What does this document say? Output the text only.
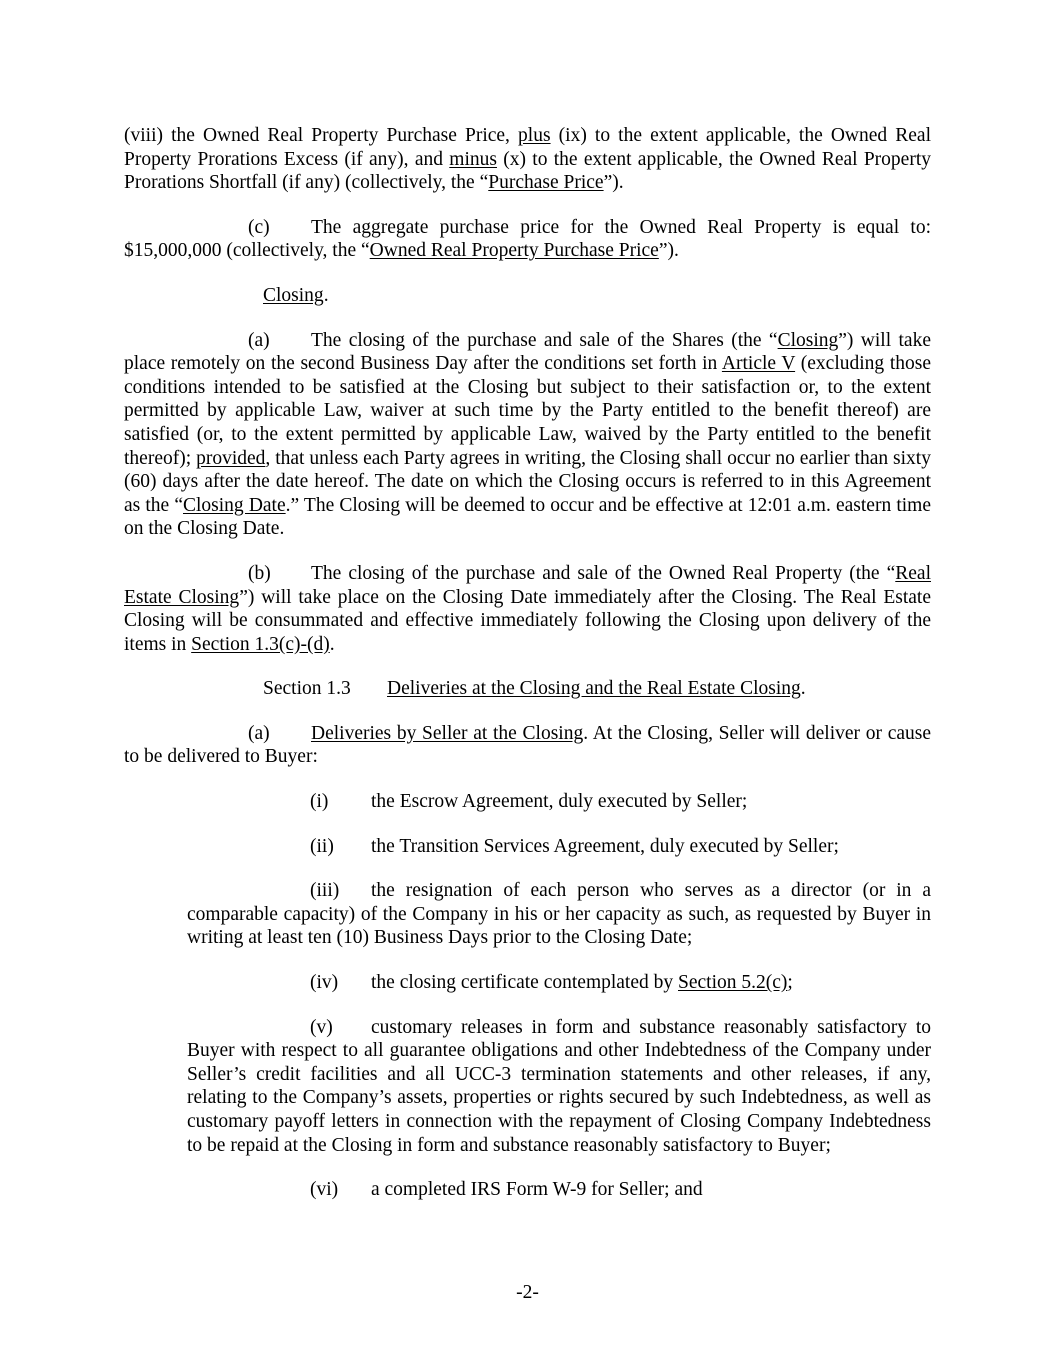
(viii) the Owned Real Property Purchase Price, plus (ix) to the extent applicable, the Owned Real Property Prorations Excess (if any), and minus (x) to the extent applicable, the Owned Real Property Prorations Shortfall (if any) (collectively, the “Purchase Price”).

(c) The aggregate purchase price for the Owned Real Property is equal to: $15,000,000 (collectively, the “Owned Real Property Purchase Price”).

Closing.

(a) The closing of the purchase and sale of the Shares (the “Closing”) will take place remotely on the second Business Day after the conditions set forth in Article V (excluding those conditions intended to be satisfied at the Closing but subject to their satisfaction or, to the extent permitted by applicable Law, waiver at such time by the Party entitled to the benefit thereof) are satisfied (or, to the extent permitted by applicable Law, waived by the Party entitled to the benefit thereof); provided, that unless each Party agrees in writing, the Closing shall occur no earlier than sixty (60) days after the date hereof. The date on which the Closing occurs is referred to in this Agreement as the “Closing Date.” The Closing will be deemed to occur and be effective at 12:01 a.m. eastern time on the Closing Date.

(b) The closing of the purchase and sale of the Owned Real Property (the “Real Estate Closing”) will take place on the Closing Date immediately after the Closing. The Real Estate Closing will be consummated and effective immediately following the Closing upon delivery of the items in Section 1.3(c)-(d).

Section 1.3 Deliveries at the Closing and the Real Estate Closing.

(a) Deliveries by Seller at the Closing. At the Closing, Seller will deliver or cause to be delivered to Buyer:

(i) the Escrow Agreement, duly executed by Seller;

(ii) the Transition Services Agreement, duly executed by Seller;

(iii) the resignation of each person who serves as a director (or in a comparable capacity) of the Company in his or her capacity as such, as requested by Buyer in writing at least ten (10) Business Days prior to the Closing Date;

(iv) the closing certificate contemplated by Section 5.2(c);

(v) customary releases in form and substance reasonably satisfactory to Buyer with respect to all guarantee obligations and other Indebtedness of the Company under Seller’s credit facilities and all UCC-3 termination statements and other releases, if any, relating to the Company’s assets, properties or rights secured by such Indebtedness, as well as customary payoff letters in connection with the repayment of Closing Company Indebtedness to be repaid at the Closing in form and substance reasonably satisfactory to Buyer;

(vi) a completed IRS Form W-9 for Seller; and

-2-
